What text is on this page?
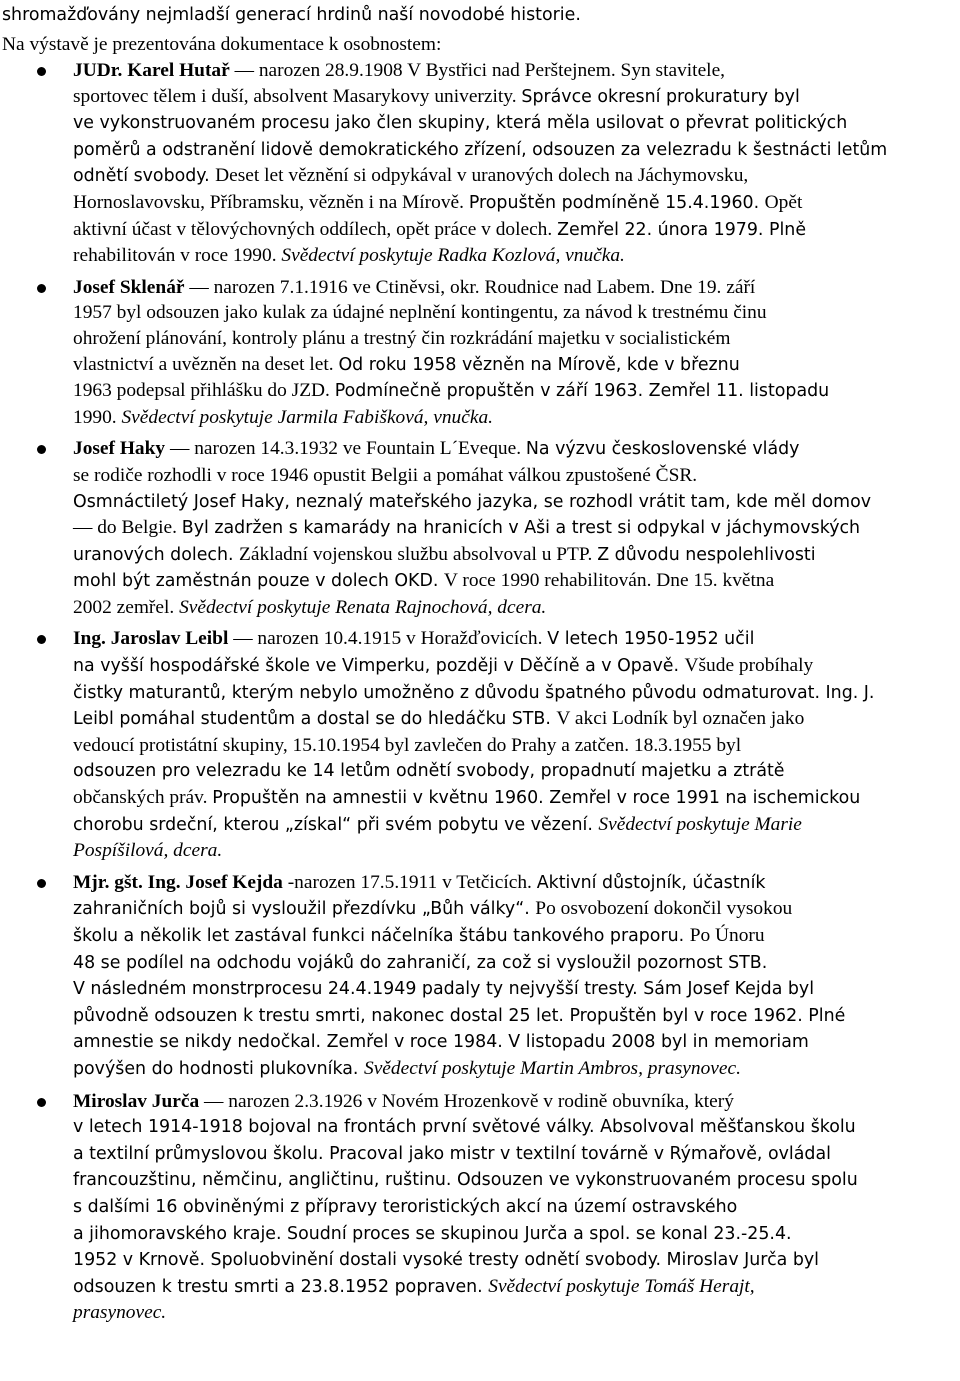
shromažďovány nejmladší generací hrdinů naší novodobé historie.

Na výstavě je prezentována dokumentace k osobnostem:

JUDr. Karel Hutař — narozen 28.9.1908 V Bystřici nad Perštejnem. Syn stavitele,
sportovec tělem i duší, absolvent Masarykovy univerzity. Správce okresní prokuratury byl
ve vykonstruovaném procesu jako člen skupiny, která měla usilovat o převrat politických
poměrů a odstranění lidově demokratického zřízení, odsouzen za velezradu k šestnácti letům
odnětí svobody. Deset let věznění si odpykával v uranových dolech na Jáchymovsku,
Hornoslavovsku, Příbramsku, vězněn i na Mírově. Propuštěn podmíněně 15.4.1960. Opět
aktivní účast v tělovýchovných oddílech, opět práce v dolech. Zemřel 22. února 1979. Plně
rehabilitován v roce 1990. Svědectví poskytuje Radka Kozlová, vnučka.
Josef Sklenář — narozen 7.1.1916 ve Ctiněvsi, okr. Roudnice nad Labem. Dne 19. září
1957 byl odsouzen jako kulak za údajné neplnění kontingentu, za návod k trestnému činu
ohrožení plánování, kontroly plánu a trestný čin rozkrádání majetku v socialistickém
vlastnictví a uvězněn na deset let. Od roku 1958 vězněn na Mírově, kde v březnu
1963 podepsal přihlášku do JZD. Podmínečně propuštěn v září 1963. Zemřel 11. listopadu
1990. Svědectví poskytuje Jarmila Fabišková, vnučka.
Josef Haky — narozen 14.3.1932 ve Fountain L´Eveque. Na výzvu československé vlády
se rodiče rozhodli v roce 1946 opustit Belgii a pomáhat válkou zpustošené ČSR.
Osmnáctiletý Josef Haky, neznalý mateřského jazyka, se rozhodl vrátit tam, kde měl domov
— do Belgie. Byl zadržen s kamarády na hranicích v Aši a trest si odpykal v jáchymovských
uranových dolech. Základní vojenskou službu absolvoval u PTP. Z důvodu nespolehlivosti
mohl být zaměstnán pouze v dolech OKD. V roce 1990 rehabilitován. Dne 15. května
2002 zemřel. Svědectví poskytuje Renata Rajnochová, dcera.
Ing. Jaroslav Leibl — narozen 10.4.1915 v Horažďovicích. V letech 1950-1952 učil
na vyšší hospodářské škole ve Vimperku, později v Děčíně a v Opavě. Všude probíhaly
čistky maturantů, kterým nebylo umožněno z důvodu špatného původu odmaturovat. Ing. J.
Leibl pomáhal studentům a dostal se do hledáčku STB. V akci Lodník byl označen jako
vedoucí protistátní skupiny, 15.10.1954 byl zavlečen do Prahy a zatčen. 18.3.1955 byl
odsouzen pro velezradu ke 14 letům odnětí svobody, propadnutí majetku a ztrátě
občanských práv. Propuštěn na amnestii v květnu 1960. Zemřel v roce 1991 na ischemickou
chorobu srdeční, kterou „získal“ při svém pobytu ve vězení. Svědectví poskytuje Marie
Pospíšilová, dcera.
Mjr. gšt. Ing. Josef Kejda -narozen 17.5.1911 v Tetčicích. Aktivní důstojník, účastník
zahraničních bojů si vysloužil přezdívku „Bůh války“. Po osvobození dokončil vysokou
školu a několik let zastával funkci náčelníka štábu tankového praporu. Po Únoru
48 se podílel na odchodu vojáků do zahraničí, za což si vysloužil pozornost STB.
V následném monstrprocesu 24.4.1949 padaly ty nejvyšší tresty. Sám Josef Kejda byl
původně odsouzen k trestu smrti, nakonec dostal 25 let. Propuštěn byl v roce 1962. Plné
amnestie se nikdy nedočkal. Zemřel v roce 1984. V listopadu 2008 byl in memoriam
povýšen do hodnosti plukovníka. Svědectví poskytuje Martin Ambros, prasynovec.
Miroslav Jurča — narozen 2.3.1926 v Novém Hrozenkově v rodině obuvníka, který
v letech 1914-1918 bojoval na frontách první světové války. Absolvoval měšťanskou školu
a textilní průmyslovou školu. Pracoval jako mistr v textilní továrně v Rýmařově, ovládal
francouzštinu, němčinu, angličtinu, ruštinu. Odsouzen ve vykonstruovaném procesu spolu
s dalšími 16 obviněnými z přípravy teroristických akcí na území ostravského
a jihomoravského kraje. Soudní proces se skupinou Jurča a spol. se konal 23.-25.4.
1952 v Krnově. Spoluobvinění dostali vysoké tresty odnětí svobody. Miroslav Jurča byl
odsouzen k trestu smrti a 23.8.1952 popraven. Svědectví poskytuje Tomáš Herajt,
prasynovec.
